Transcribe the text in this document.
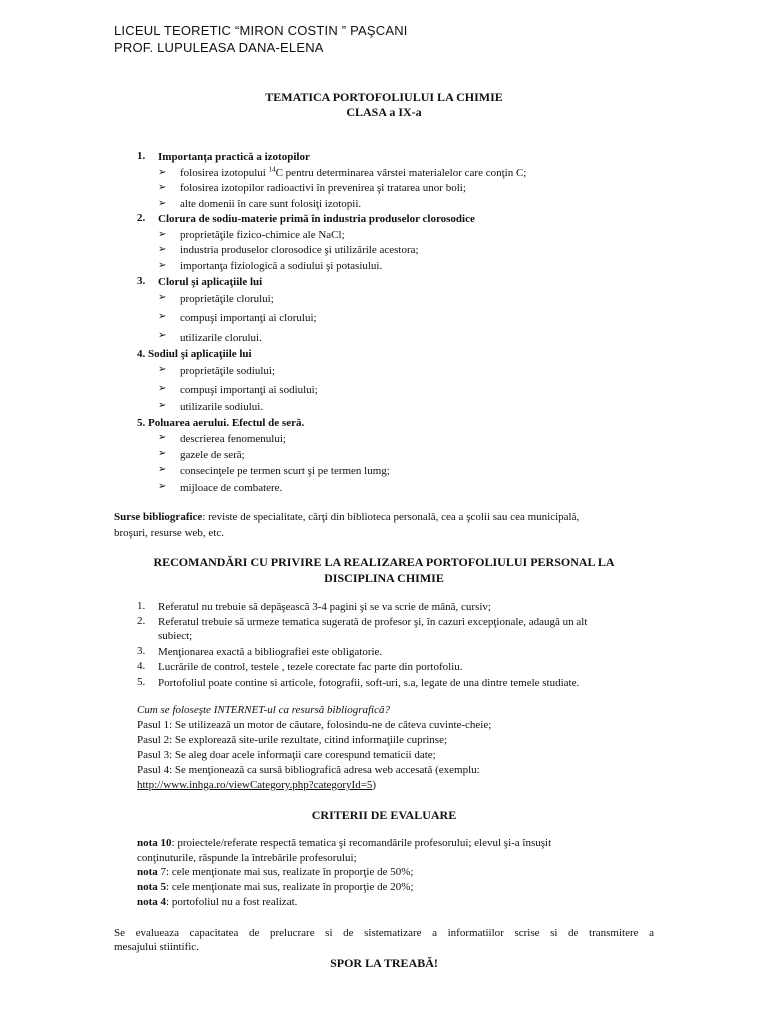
LICEUL TEORETIC “MIRON COSTIN ” PAŞCANI
PROF. LUPULEASA DANA-ELENA
TEMATICA PORTOFOLIULUI LA CHIMIE
CLASA a IX-a
1. Importanţa practică a izotopilor
➢ folosirea izotopului $^{14}$C pentru determinarea vârstei materialelor care conţin C;
➢ folosirea izotopilor radioactivi în prevenirea şi tratarea unor boli;
➢ alte domenii în care sunt folosiţi izotopii.
2. Clorura de sodiu-materie primă în industria produselor clorosodice
➢ proprietăţile fizico-chimice ale NaCl;
➢ industria produselor clorosodice şi utilizările acestora;
➢ importanţa fiziologică a sodiului şi potasiului.
3. Clorul şi aplicaţiile lui
➢ proprietăţile clorului;
➢ compuşi importanţi ai clorului;
➢ utilizarile clorului.
4. Sodiul şi aplicaţiile lui
➢ proprietăţile sodiului;
➢ compuşi importanţi ai sodiului;
➢ utilizarile sodiului.
5. Poluarea aerului. Efectul de seră.
➢ descrierea fenomenului;
➢ gazele de seră;
➢ consecinţele pe termen scurt şi pe termen lumg;
➢ mijloace de combatere.
Surse bibliografice: reviste de specialitate, cărţi din biblioteca personală, cea a şcolii sau cea municipală,
broşuri, resurse web, etc.
RECOMANDĂRI CU PRIVIRE LA REALIZAREA PORTOFOLIULUI PERSONAL LA
DISCIPLINA CHIMIE
1. Referatul nu trebuie să depăşească 3-4 pagini şi se va scrie de mână, cursiv;
2. Referatul trebuie să urmeze tematica sugerată de profesor şi, în cazuri excepţionale, adaugă un alt
subiect;
3. Menţionarea exactă a bibliografiei este obligatorie.
4. Lucrările de control, testele , tezele corectate fac parte din portofoliu.
5. Portofoliul poate contine si articole, fotografii, soft-uri, s.a, legate de una dintre temele studiate.
Cum se foloseşte INTERNET-ul ca resursă bibliografică?
Pasul 1: Se utilizează un motor de căutare, folosindu-ne de câteva cuvinte-cheie;
Pasul 2: Se explorează site-urile rezultate, citind informaţiile cuprinse;
Pasul 3: Se aleg doar acele informaţii care corespund tematicii date;
Pasul 4: Se menţionează ca sursă bibliografică adresa web accesată (exemplu:
http://www.inhga.ro/viewCategory.php?categoryId=5)
CRITERII DE EVALUARE
nota 10: proiectele/referate respectă tematica şi recomandările profesorului; elevul şi-a însuşit
conţinuturile, răspunde la întrebările profesorului;
nota 7: cele menţionate mai sus, realizate în proporţie de 50%;
nota 5: cele menţionate mai sus, realizate în proporţie de 20%;
nota 4: portofoliul nu a fost realizat.
Se evalueaza capacitatea de prelucrare si de sistematizare a informatiilor scrise si de transmitere a
mesajului stiintific.
SPOR LA TREABĂ!
